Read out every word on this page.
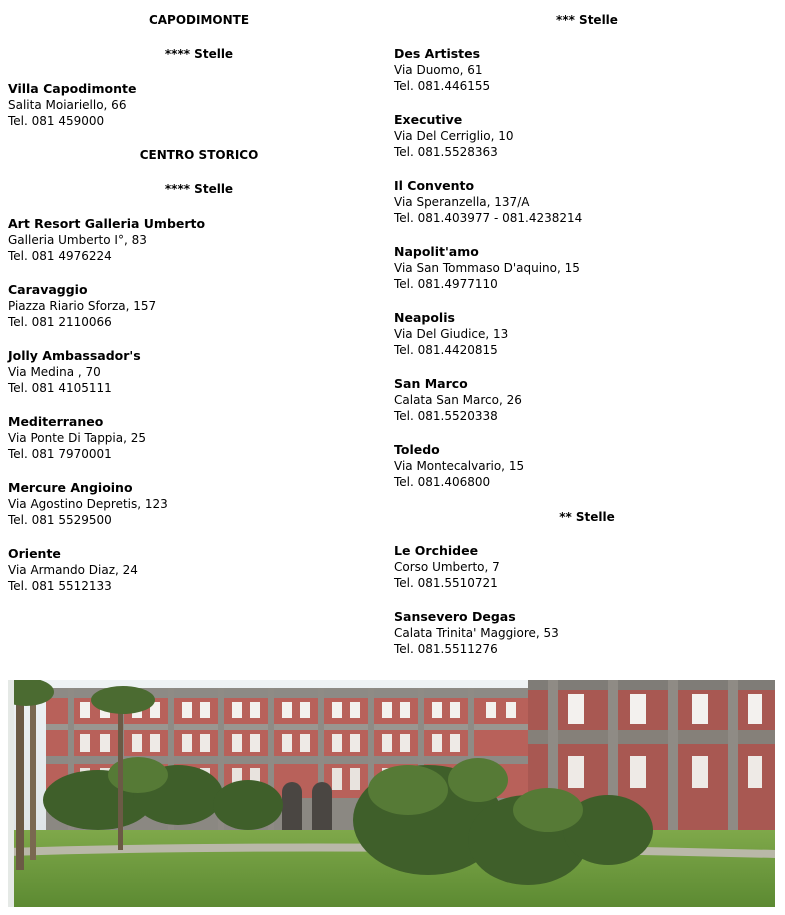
CAPODIMONTE
**** Stelle
Villa Capodimonte
Salita Moiariello, 66
Tel. 081 459000
CENTRO STORICO
**** Stelle
Art Resort Galleria Umberto
Galleria Umberto I°, 83
Tel. 081 4976224
Caravaggio
Piazza Riario Sforza, 157
Tel. 081 2110066
Jolly Ambassador's
Via Medina , 70
Tel. 081 4105111
Mediterraneo
Via Ponte Di Tappia, 25
Tel. 081 7970001
Mercure Angioino
Via Agostino Depretis, 123
Tel. 081 5529500
Oriente
Via Armando Diaz, 24
Tel. 081 5512133
*** Stelle
Des Artistes
Via Duomo, 61
Tel. 081.446155
Executive
Via Del Cerriglio, 10
Tel. 081.5528363
Il Convento
Via Speranzella, 137/A
Tel. 081.403977 - 081.4238214
Napolit'amo
Via San Tommaso D'aquino, 15
Tel. 081.4977110
Neapolis
Via Del Giudice, 13
Tel. 081.4420815
San Marco
Calata San Marco, 26
Tel. 081.5520338
Toledo
Via Montecalvario, 15
Tel. 081.406800
** Stelle
Le Orchidee
Corso Umberto, 7
Tel. 081.5510721
Sansevero Degas
Calata Trinita' Maggiore, 53
Tel. 081.5511276
